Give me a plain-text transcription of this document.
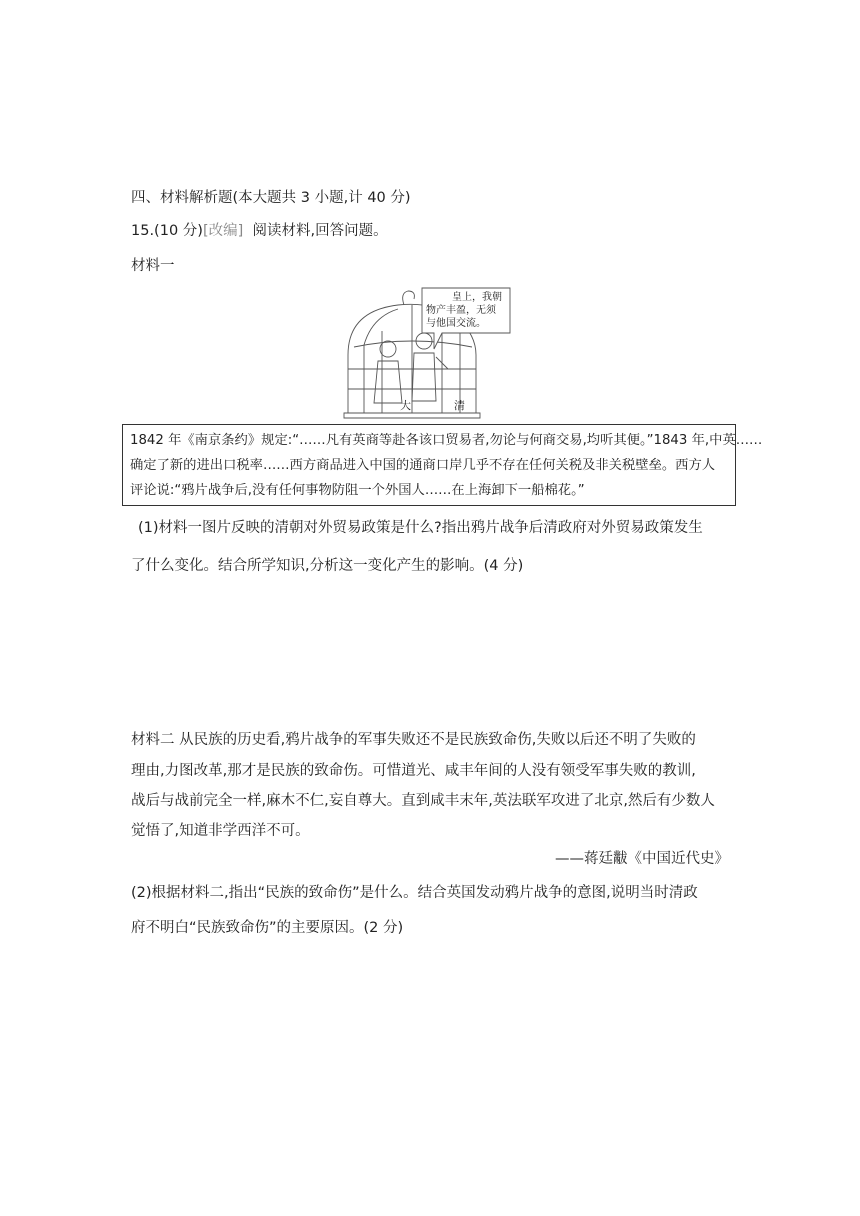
四、材料解析题(本大题共 3 小题,计 40 分)
15.(10 分)[改编] 阅读材料,回答问题。
材料一
皇上，我朝
物产丰盈，无须
与他国交流。
大	清
1842 年《南京条约》规定:“……凡有英商等赴各该口贸易者,勿论与何商交易,均听其便。”1843 年,中英……
确定了新的进出口税率……西方商品进入中国的通商口岸几乎不存在任何关税及非关税壁垒。西方人
评论说:“鸦片战争后,没有任何事物防阻一个外国人……在上海卸下一船棉花。”
(1)材料一图片反映的清朝对外贸易政策是什么?指出鸦片战争后清政府对外贸易政策发生
了什么变化。结合所学知识,分析这一变化产生的影响。(4 分)
材料二 从民族的历史看,鸦片战争的军事失败还不是民族致命伤,失败以后还不明了失败的
理由,力图改革,那才是民族的致命伤。可惜道光、咸丰年间的人没有领受军事失败的教训,
战后与战前完全一样,麻木不仁,妄自尊大。直到咸丰末年,英法联军攻进了北京,然后有少数人
觉悟了,知道非学西洋不可。
——蒋廷黻《中国近代史》
(2)根据材料二,指出“民族的致命伤”是什么。结合英国发动鸦片战争的意图,说明当时清政
府不明白“民族致命伤”的主要原因。(2 分)
